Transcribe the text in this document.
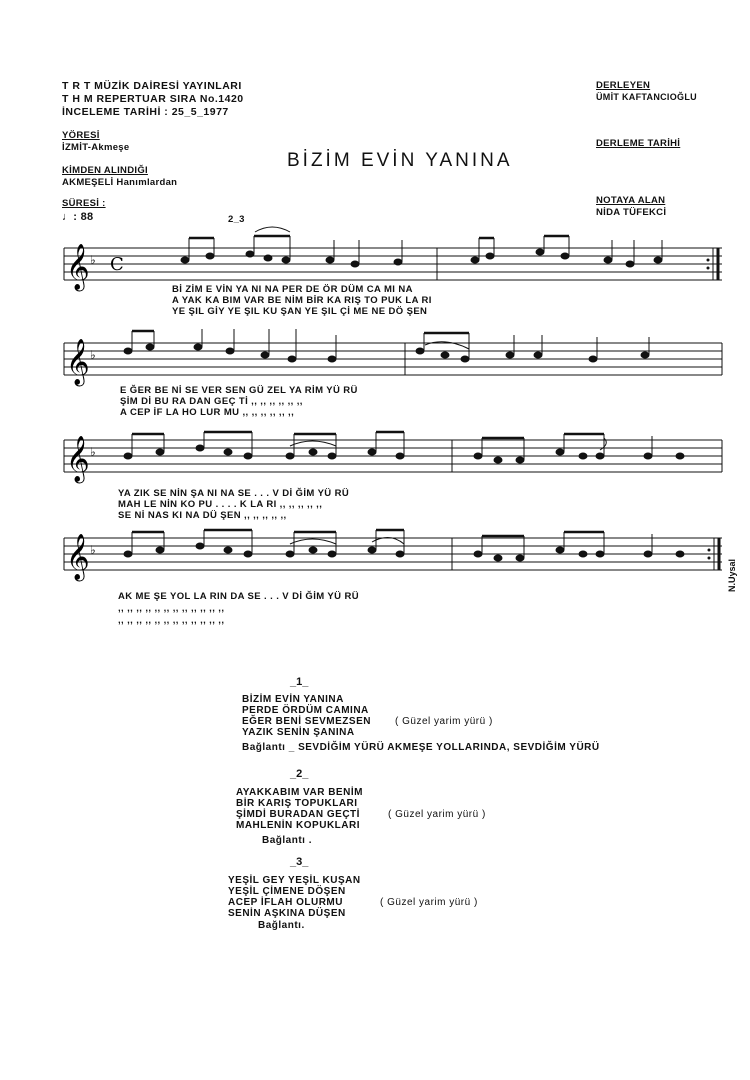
T R T MÜZİK DAİRESİ YAYINLARI
T H M REPERTUAR SIRA No.1420
İNCELEME TARİHİ : 25_5_1977
YÖRESİ
İZMİT-Akmeşe
KİMDEN ALINDIĞI
AKMEŞELİ Hanımlardan
SÜRESİ :
♩: 88
DERLEYEN
ÜMİT KAFTANCIOĞLU
DERLEME TARİHİ
NOTAYA ALAN
NİDA TÜFEKCİ
BİZİM EVİN YANINA
2_3
𝄞 ♭ C
𝄞 ♭
𝄞 ♭
𝄞 ♭
N.Uysal
Bİ ZİM E VİN YA NI NA PER DE ÖR DÜM CA MI NA
A YAK KA BIM VAR BE NİM BİR KA RIŞ TO PUK LA RI
YE ŞIL GİY YE ŞIL KU ŞAN YE ŞIL Çİ ME NE DÖ ŞEN
E ĞER BE Nİ SE VER SEN GÜ ZEL YA RİM YÜ RÜ
ŞİM Dİ BU RA DAN GEÇ Tİ ,, ,, ,, ,, ,, ,,
A CEP İF LA HO LUR MU ,, ,, ,, ,, ,, ,,
YA ZIK SE NİN ŞA NI NA SE . . . V Dİ ĞİM YÜ RÜ
MAH LE NİN KO PU . . . . K LA RI ,, ,, ,, ,, ,,
SE Nİ NAS KI NA DÜ ŞEN ,, ,, ,, ,, ,,
AK ME ŞE YOL LA RIN DA SE . . . V Dİ ĞİM YÜ RÜ
,, ,, ,, ,, ,, ,, ,, ,, ,, ,, ,, ,,
,, ,, ,, ,, ,, ,, ,, ,, ,, ,, ,, ,,
_1_
BİZİM EVİN YANINA
PERDE ÖRDÜM CAMINA
EĞER BENİ SEVMEZSEN
YAZIK SENİN ŞANINA
( Güzel yarim yürü )
Bağlantı _ SEVDİĞİM YÜRÜ AKMEŞE YOLLARINDA, SEVDİĞİM YÜRÜ
_2_
AYAKKABIM VAR BENİM
BİR KARIŞ TOPUKLARI
ŞİMDİ BURADAN GEÇTİ
MAHLENİN KOPUKLARI
( Güzel yarim yürü )
Bağlantı .
_3_
YEŞİL GEY YEŞİL KUŞAN
YEŞİL ÇİMENE DÖŞEN
ACEP İFLAH OLURMU
SENİN AŞKINA DÜŞEN
( Güzel yarim yürü )
Bağlantı.
